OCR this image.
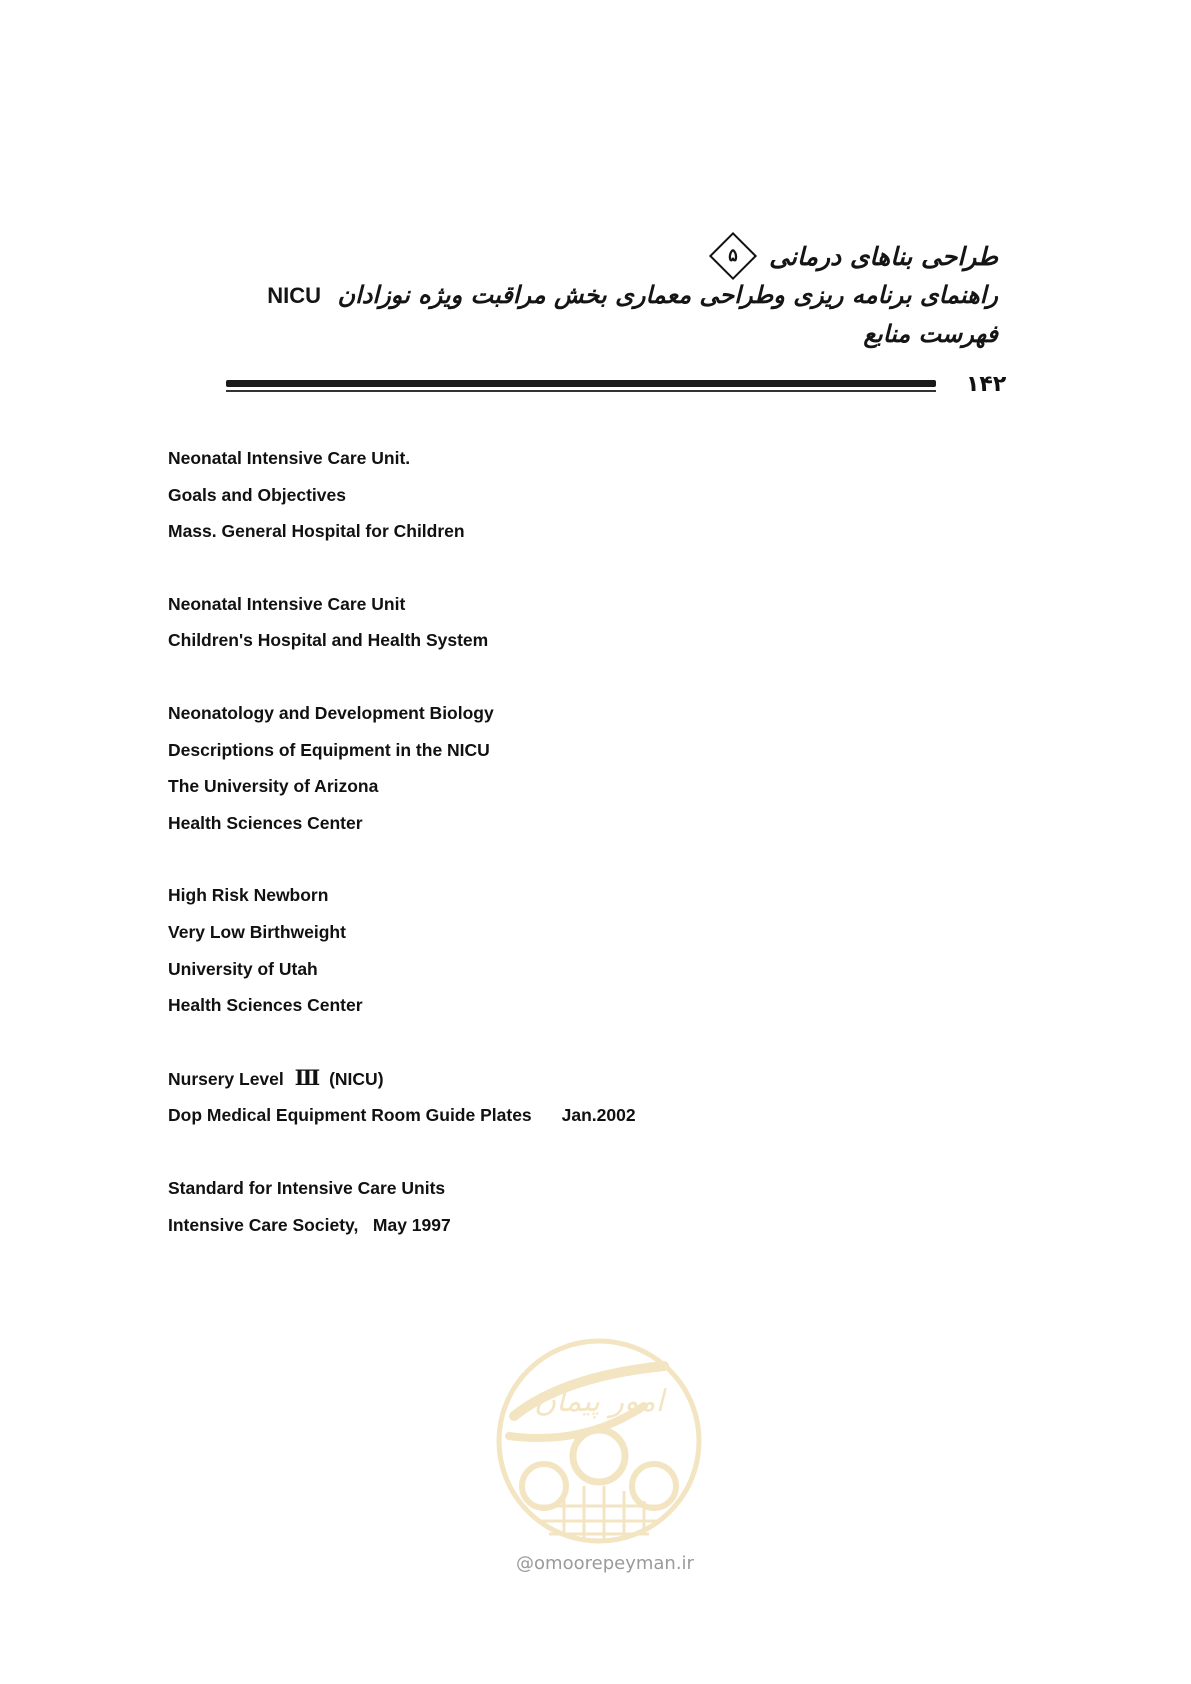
طراحی بناهای درمانی
۵
راهنمای برنامه ریزی وطراحی معماری بخش مراقبت ویژه نوزادان NICU
فهرست منابع
۱۴۲
Neonatal Intensive Care Unit.
Goals and Objectives
Mass. General Hospital for Children
Neonatal Intensive Care Unit
Children's Hospital and Health System
Neonatology and Development Biology
Descriptions of Equipment in the NICU
The University of Arizona
Health Sciences Center
High Risk Newborn
Very Low Birthweight
University of Utah
Health Sciences Center
Nursery Level Ⅲ (NICU)
Dop Medical Equipment Room Guide Plates Jan.2002
Standard for Intensive Care Units
Intensive Care Society,   May 1997
امور پیمان
@omoorepeyman.ir
